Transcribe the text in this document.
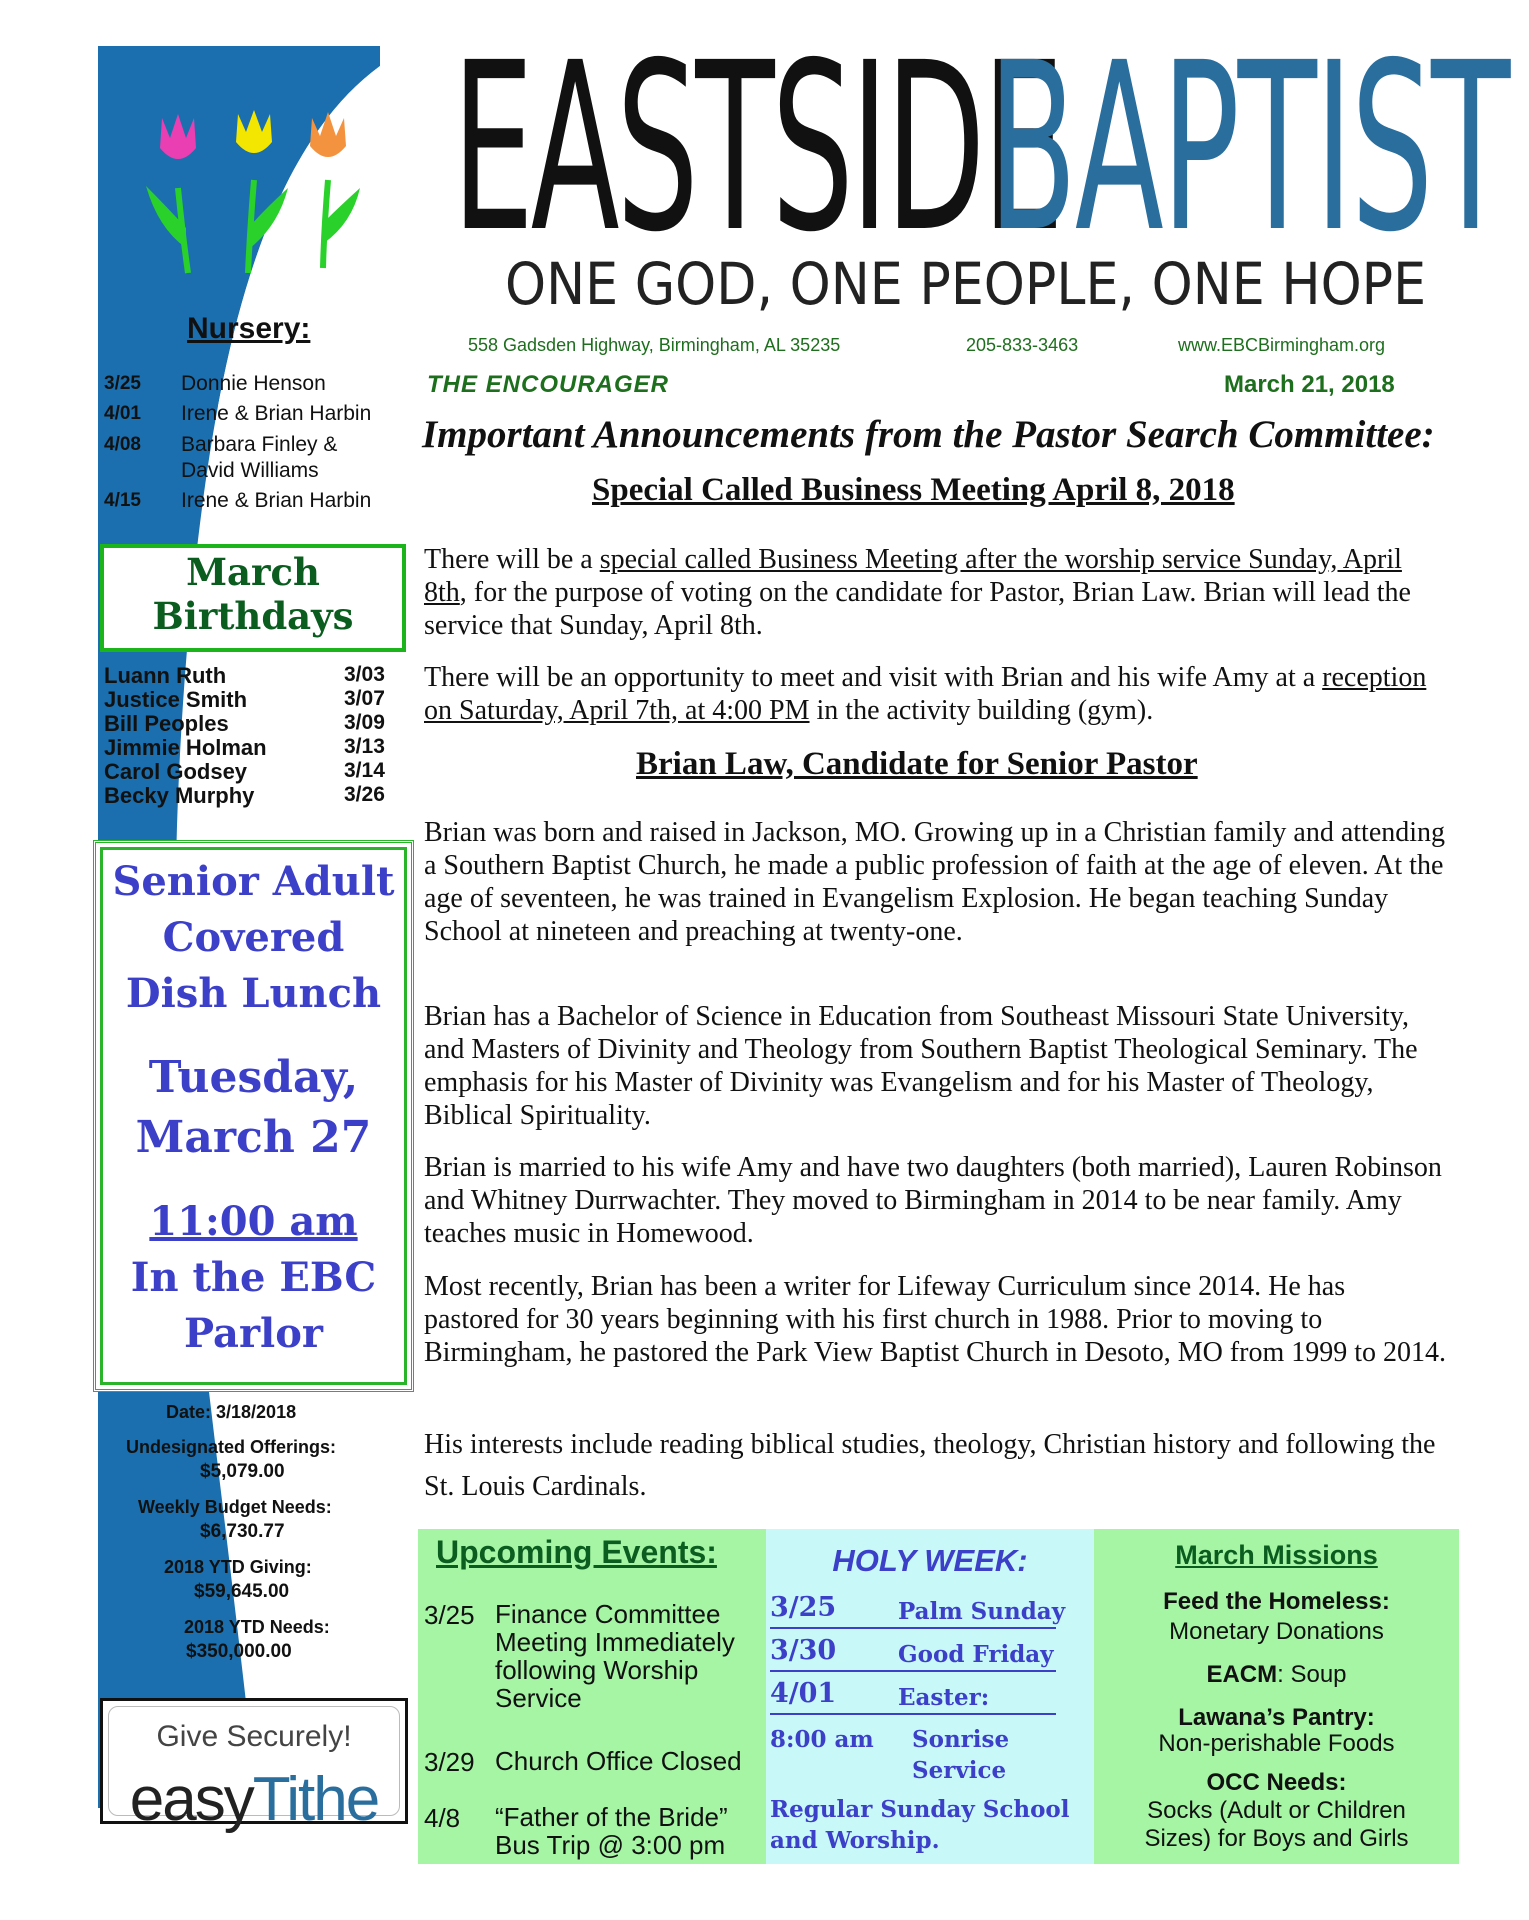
EASTSIDE
BAPTIST
ONE GOD, ONE PEOPLE, ONE HOPE
558 Gadsden Highway, Birmingham, AL 35235	205-833-3463	www.EBCBirmingham.org
THE ENCOURAGER	March 21, 2018
Important Announcements from the Pastor Search Committee:
Special Called Business Meeting April 8, 2018
There will be a special called Business Meeting after the worship service Sunday, April 8th, for the purpose of voting on the candidate for Pastor, Brian Law. Brian will lead the service that Sunday, April 8th.
There will be an opportunity to meet and visit with Brian and his wife Amy at a reception on Saturday, April 7th, at 4:00 PM in the activity building (gym).
Brian Law, Candidate for Senior Pastor
Brian was born and raised in Jackson, MO. Growing up in a Christian family and attending a Southern Baptist Church, he made a public profession of faith at the age of eleven. At the age of seventeen, he was trained in Evangelism Explosion. He began teaching Sunday School at nineteen and preaching at twenty-one.
Brian has a Bachelor of Science in Education from Southeast Missouri State University, and Masters of Divinity and Theology from Southern Baptist Theological Seminary. The emphasis for his Master of Divinity was Evangelism and for his Master of Theology, Biblical Spirituality.
Brian is married to his wife Amy and have two daughters (both married), Lauren Robinson and Whitney Durrwachter. They moved to Birmingham in 2014 to be near family. Amy teaches music in Homewood.
Most recently, Brian has been a writer for Lifeway Curriculum since 2014. He has pastored for 30 years beginning with his first church in 1988. Prior to moving to Birmingham, he pastored the Park View Baptist Church in Desoto, MO from 1999 to 2014.
His interests include reading biblical studies, theology, Christian history and following the St. Louis Cardinals.
Nursery:
3/25 Donnie Henson
4/01 Irene & Brian Harbin
4/08 Barbara Finley & David Williams
4/15 Irene & Brian Harbin
March
Birthdays
Luann Ruth	3/03
Justice Smith	3/07
Bill Peoples	3/09
Jimmie Holman	3/13
Carol Godsey	3/14
Becky Murphy	3/26
Senior Adult
Covered
Dish Lunch
Tuesday,
March 27
11:00 am
In the EBC
Parlor
Date: 3/18/2018
Undesignated Offerings:
$5,079.00
Weekly Budget Needs:
$6,730.77
2018 YTD Giving:
$59,645.00
2018 YTD Needs:
$350,000.00
Give Securely!
easyTithe
Upcoming Events:
3/25 Finance Committee Meeting Immediately following Worship Service
3/29 Church Office Closed
4/8 “Father of the Bride” Bus Trip @ 3:00 pm
HOLY WEEK:
3/25	Palm Sunday
3/30	Good Friday
4/01	Easter:
8:00 am Sonrise
Service
Regular Sunday School
and Worship.
March Missions
Feed the Homeless:
Monetary Donations
EACM: Soup
Lawana’s Pantry:
Non-perishable Foods
OCC Needs:
Socks (Adult or Children Sizes) for Boys and Girls
